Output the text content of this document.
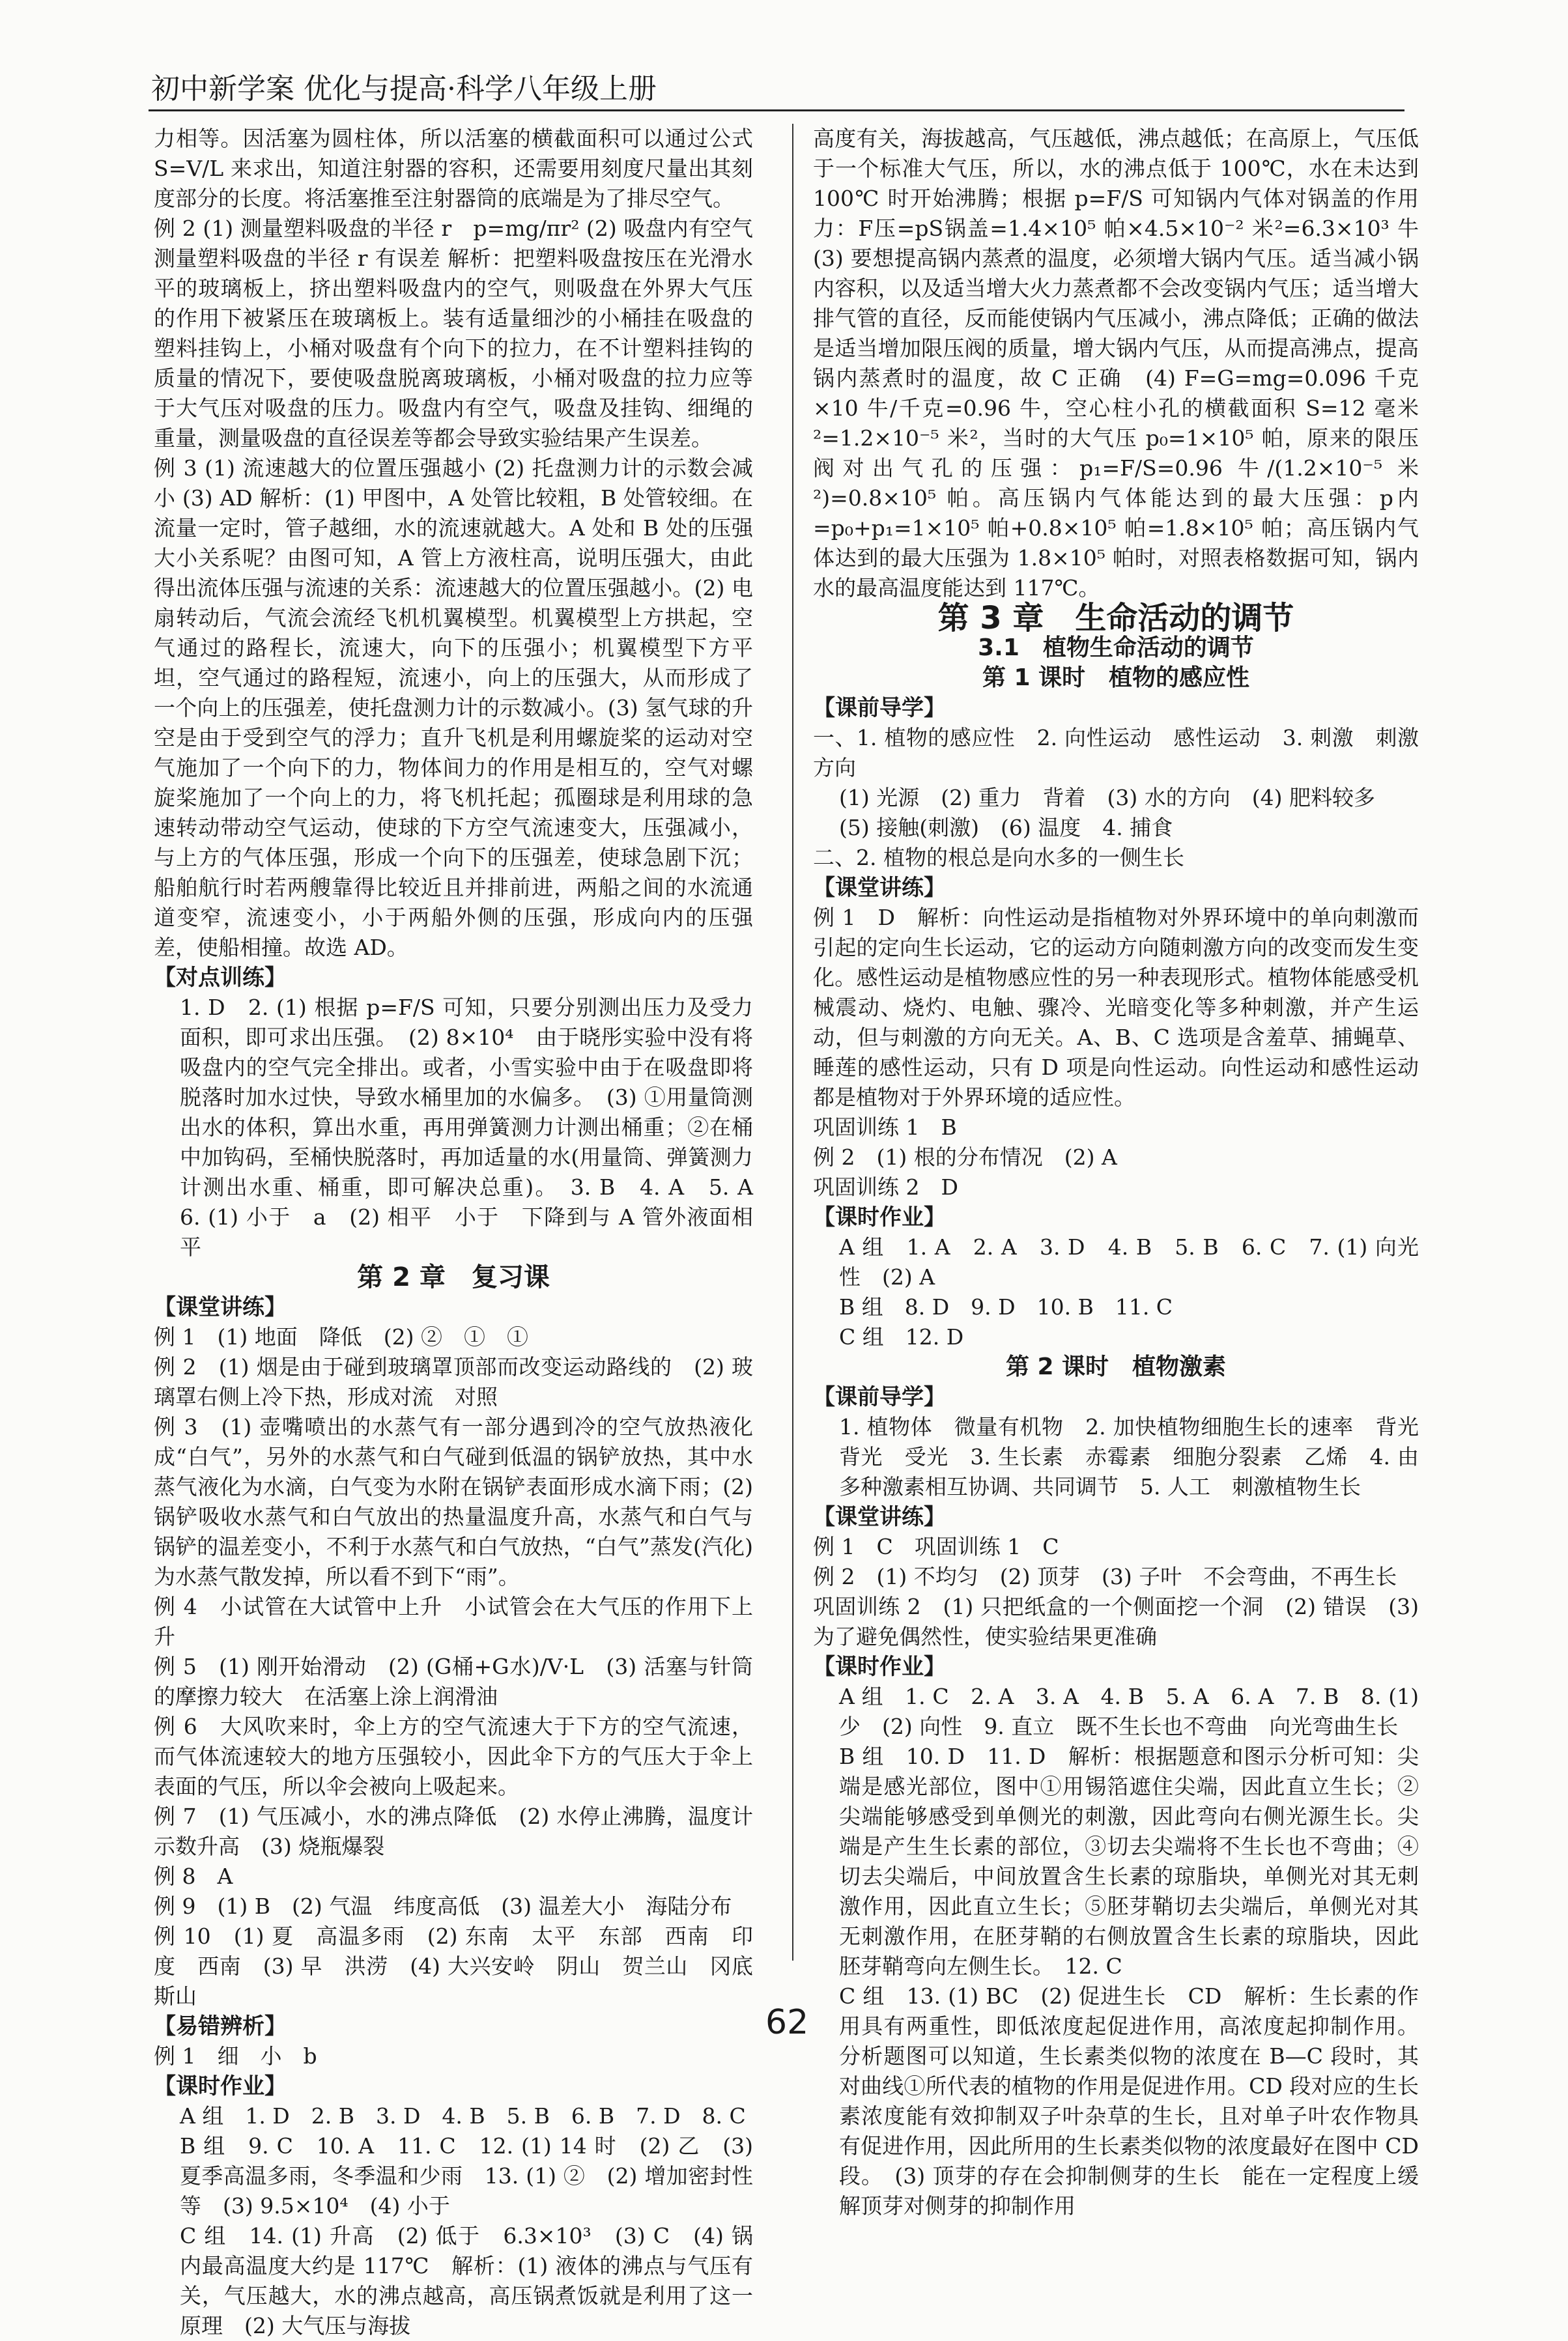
初中新学案 优化与提高·科学八年级上册

力相等。因活塞为圆柱体，所以活塞的横截面积可以通过公式 S=V/L 来求出，知道注射器的容积，还需要用刻度尺量出其刻度部分的长度。将活塞推至注射器筒的底端是为了排尽空气。

例 2 (1) 测量塑料吸盘的半径 r　p=mg/πr² (2) 吸盘内有空气 测量塑料吸盘的半径 r 有误差 解析：把塑料吸盘按压在光滑水平的玻璃板上，挤出塑料吸盘内的空气，则吸盘在外界大气压的作用下被紧压在玻璃板上。装有适量细沙的小桶挂在吸盘的塑料挂钩上，小桶对吸盘有个向下的拉力，在不计塑料挂钩的质量的情况下，要使吸盘脱离玻璃板，小桶对吸盘的拉力应等于大气压对吸盘的压力。吸盘内有空气，吸盘及挂钩、细绳的重量，测量吸盘的直径误差等都会导致实验结果产生误差。

例 3 (1) 流速越大的位置压强越小 (2) 托盘测力计的示数会减小 (3) AD 解析：(1) 甲图中，A 处管比较粗，B 处管较细。在流量一定时，管子越细，水的流速就越大。A 处和 B 处的压强大小关系呢？由图可知，A 管上方液柱高，说明压强大，由此得出流体压强与流速的关系：流速越大的位置压强越小。(2) 电扇转动后，气流会流经飞机机翼模型。机翼模型上方拱起，空气通过的路程长，流速大，向下的压强小；机翼模型下方平坦，空气通过的路程短，流速小，向上的压强大，从而形成了一个向上的压强差，使托盘测力计的示数减小。(3) 氢气球的升空是由于受到空气的浮力；直升飞机是利用螺旋桨的运动对空气施加了一个向下的力，物体间力的作用是相互的，空气对螺旋桨施加了一个向上的力，将飞机托起；孤圈球是利用球的急速转动带动空气运动，使球的下方空气流速变大，压强减小，与上方的气体压强，形成一个向下的压强差，使球急剧下沉；船舶航行时若两艘靠得比较近且并排前进，两船之间的水流通道变窄，流速变小，小于两船外侧的压强，形成向内的压强差，使船相撞。故选 AD。

【对点训练】

1. D　2. (1) 根据 p=F/S 可知，只要分别测出压力及受力面积，即可求出压强。　(2) 8×10⁴　由于晓彤实验中没有将吸盘内的空气完全排出。或者，小雪实验中由于在吸盘即将脱落时加水过快，导致水桶里加的水偏多。　(3) ①用量筒测出水的体积，算出水重，再用弹簧测力计测出桶重；②在桶中加钩码，至桶快脱落时，再加适量的水(用量筒、弹簧测力计测出水重、桶重，即可解决总重)。　3. B　4. A　5. A　6. (1) 小于　a　(2) 相平　小于　下降到与 A 管外液面相平

第 2 章　复习课

【课堂讲练】

例 1　(1) 地面　降低　(2) ②　①　①

例 2　(1) 烟是由于碰到玻璃罩顶部而改变运动路线的　(2) 玻璃罩右侧上冷下热，形成对流　对照

例 3　(1) 壶嘴喷出的水蒸气有一部分遇到冷的空气放热液化成“白气”，另外的水蒸气和白气碰到低温的锅铲放热，其中水蒸气液化为水滴，白气变为水附在锅铲表面形成水滴下雨；(2) 锅铲吸收水蒸气和白气放出的热量温度升高，水蒸气和白气与锅铲的温差变小，不利于水蒸气和白气放热，“白气”蒸发(汽化)为水蒸气散发掉，所以看不到下“雨”。

例 4　小试管在大试管中上升　小试管会在大气压的作用下上升

例 5　(1) 刚开始滑动　(2) (G桶+G水)/V·L　(3) 活塞与针筒的摩擦力较大　在活塞上涂上润滑油

例 6　大风吹来时，伞上方的空气流速大于下方的空气流速，而气体流速较大的地方压强较小，因此伞下方的气压大于伞上表面的气压，所以伞会被向上吸起来。

例 7　(1) 气压减小，水的沸点降低　(2) 水停止沸腾，温度计示数升高　(3) 烧瓶爆裂

例 8　A

例 9　(1) B　(2) 气温　纬度高低　(3) 温差大小　海陆分布

例 10　(1) 夏　高温多雨　(2) 东南　太平　东部　西南　印度　西南　(3) 早　洪涝　(4) 大兴安岭　阴山　贺兰山　冈底斯山

【易错辨析】

例 1　细　小　b

【课时作业】

A 组　1. D　2. B　3. D　4. B　5. B　6. B　7. D　8. C

B 组　9. C　10. A　11. C　12. (1) 14 时　(2) 乙　(3) 夏季高温多雨，冬季温和少雨　13. (1) ②　(2) 增加密封性等　(3) 9.5×10⁴　(4) 小于

C 组　14. (1) 升高　(2) 低于　6.3×10³　(3) C　(4) 锅内最高温度大约是 117℃　解析：(1) 液体的沸点与气压有关，气压越大，水的沸点越高，高压锅煮饭就是利用了这一原理　(2) 大气压与海拔

高度有关，海拔越高，气压越低，沸点越低；在高原上，气压低于一个标准大气压，所以，水的沸点低于 100℃，水在未达到 100℃ 时开始沸腾；根据 p=F/S 可知锅内气体对锅盖的作用力：F压=pS锅盖=1.4×10⁵ 帕×4.5×10⁻² 米²=6.3×10³ 牛　(3) 要想提高锅内蒸煮的温度，必须增大锅内气压。适当减小锅内容积，以及适当增大火力蒸煮都不会改变锅内气压；适当增大排气管的直径，反而能使锅内气压减小，沸点降低；正确的做法是适当增加限压阀的质量，增大锅内气压，从而提高沸点，提高锅内蒸煮时的温度，故 C 正确　(4) F=G=mg=0.096 千克×10 牛/千克=0.96 牛，空心柱小孔的横截面积 S=12 毫米²=1.2×10⁻⁵ 米²，当时的大气压 p₀=1×10⁵ 帕，原来的限压阀对出气孔的压强：p₁=F/S=0.96 牛/(1.2×10⁻⁵ 米²)=0.8×10⁵ 帕。高压锅内气体能达到的最大压强：p内=p₀+p₁=1×10⁵ 帕+0.8×10⁵ 帕=1.8×10⁵ 帕；高压锅内气体达到的最大压强为 1.8×10⁵ 帕时，对照表格数据可知，锅内水的最高温度能达到 117℃。

第 3 章　生命活动的调节

3.1　植物生命活动的调节

第 1 课时　植物的感应性

【课前导学】

一、1. 植物的感应性　2. 向性运动　感性运动　3. 刺激　刺激方向

(1) 光源　(2) 重力　背着　(3) 水的方向　(4) 肥料较多

(5) 接触(刺激)　(6) 温度　4. 捕食

二、2. 植物的根总是向水多的一侧生长

【课堂讲练】

例 1　D　解析：向性运动是指植物对外界环境中的单向刺激而引起的定向生长运动，它的运动方向随刺激方向的改变而发生变化。感性运动是植物感应性的另一种表现形式。植物体能感受机械震动、烧灼、电触、骤冷、光暗变化等多种刺激，并产生运动，但与刺激的方向无关。A、B、C 选项是含羞草、捕蝇草、睡莲的感性运动，只有 D 项是向性运动。向性运动和感性运动都是植物对于外界环境的适应性。

巩固训练 1　B

例 2　(1) 根的分布情况　(2) A

巩固训练 2　D

【课时作业】

A 组　1. A　2. A　3. D　4. B　5. B　6. C　7. (1) 向光性　(2) A

B 组　8. D　9. D　10. B　11. C

C 组　12. D

第 2 课时　植物激素

【课前导学】

1. 植物体　微量有机物　2. 加快植物细胞生长的速率　背光　背光　受光　3. 生长素　赤霉素　细胞分裂素　乙烯　4. 由多种激素相互协调、共同调节　5. 人工　刺激植物生长

【课堂讲练】

例 1　C　巩固训练 1　C

例 2　(1) 不均匀　(2) 顶芽　(3) 子叶　不会弯曲，不再生长

巩固训练 2　(1) 只把纸盒的一个侧面挖一个洞　(2) 错误　(3) 为了避免偶然性，使实验结果更准确

【课时作业】

A 组　1. C　2. A　3. A　4. B　5. A　6. A　7. B　8. (1) 少　(2) 向性　9. 直立　既不生长也不弯曲　向光弯曲生长

B 组　10. D　11. D　解析：根据题意和图示分析可知：尖端是感光部位，图中①用锡箔遮住尖端，因此直立生长；②尖端能够感受到单侧光的刺激，因此弯向右侧光源生长。尖端是产生生长素的部位，③切去尖端将不生长也不弯曲；④切去尖端后，中间放置含生长素的琼脂块，单侧光对其无刺激作用，因此直立生长；⑤胚芽鞘切去尖端后，单侧光对其无刺激作用，在胚芽鞘的右侧放置含生长素的琼脂块，因此胚芽鞘弯向左侧生长。　12. C

C 组　13. (1) BC　(2) 促进生长　CD　解析：生长素的作用具有两重性，即低浓度起促进作用，高浓度起抑制作用。分析题图可以知道，生长素类似物的浓度在 B—C 段时，其对曲线①所代表的植物的作用是促进作用。CD 段对应的生长素浓度能有效抑制双子叶杂草的生长，且对单子叶农作物具有促进作用，因此所用的生长素类似物的浓度最好在图中 CD 段。　(3) 顶芽的存在会抑制侧芽的生长　能在一定程度上缓解顶芽对侧芽的抑制作用

62
